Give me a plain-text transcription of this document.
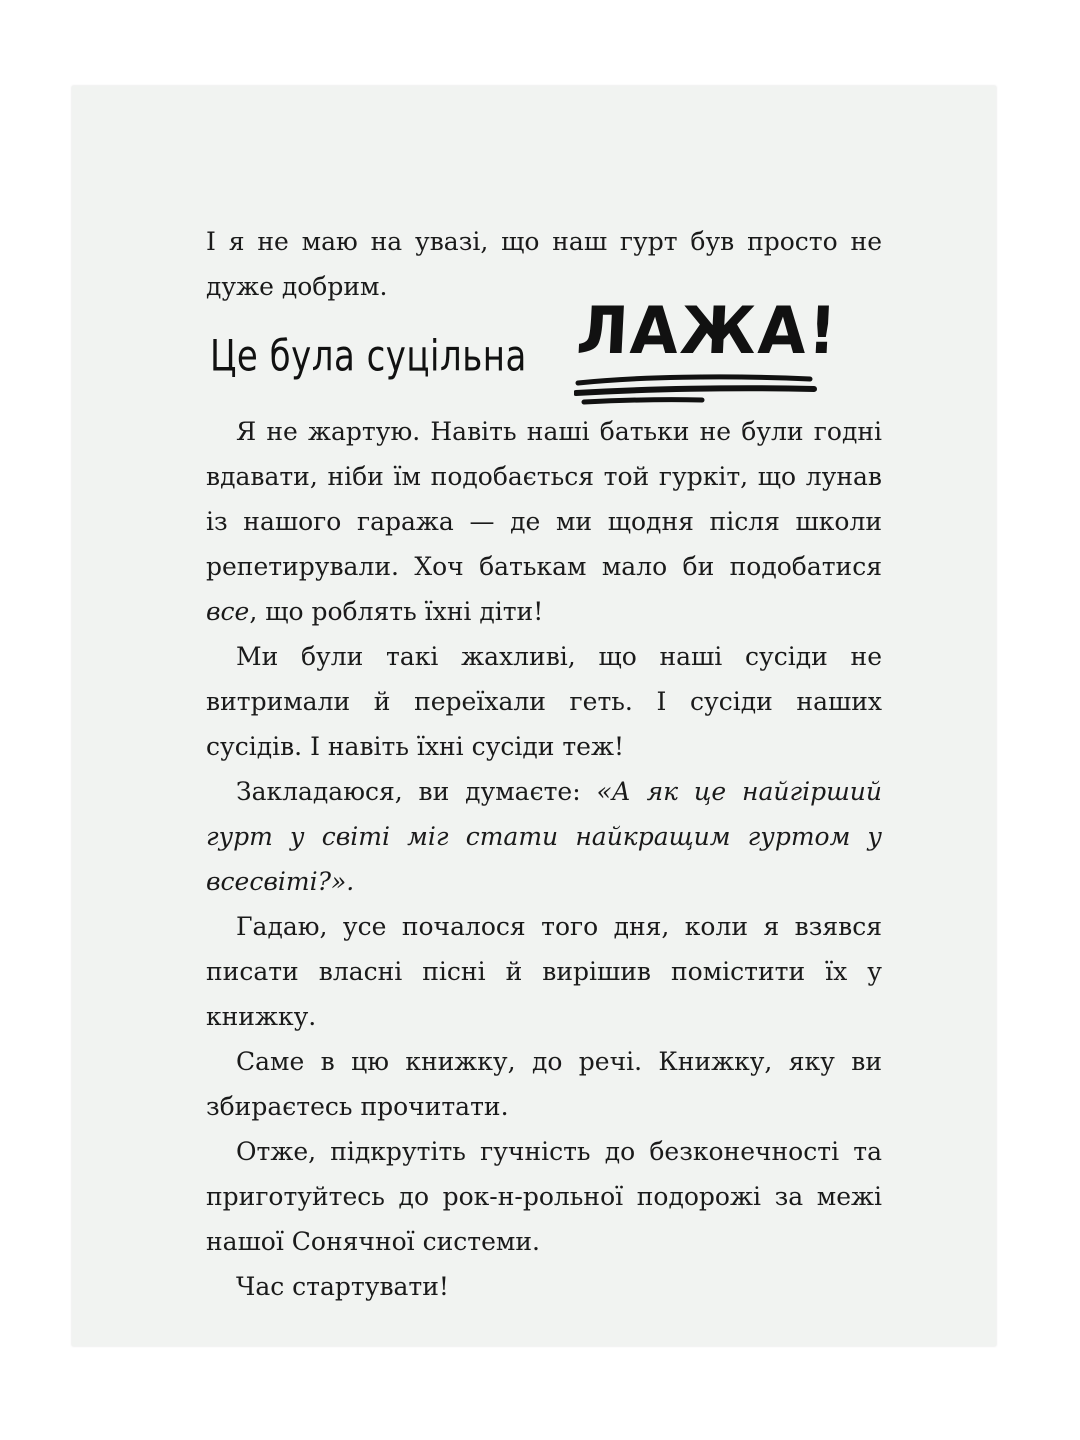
І я не маю на увазі, що наш гурт був просто не дуже добрим.

Це була суцільна ЛАЖА!

Я не жартую. Навіть наші батьки не були годні вдавати, ніби їм подобається той гуркіт, що лунав із нашого гаража — де ми щодня після школи репетирували. Хоч батькам мало би подобатися все, що роблять їхні діти!

Ми були такі жахливі, що наші сусіди не витримали й переїхали геть. І сусіди наших сусідів. І навіть їхні сусіди теж!

Закладаюся, ви думаєте: «А як це найгірший гурт у світі міг стати найкращим гуртом у всесвіті?».

Гадаю, усе почалося того дня, коли я взявся писати власні пісні й вирішив помістити їх у книжку.

Саме в цю книжку, до речі. Книжку, яку ви збираєтесь прочитати.

Отже, підкрутіть гучність до безконечності та приготуйтесь до рок-н-рольної подорожі за межі нашої Сонячної системи.

Час стартувати!
